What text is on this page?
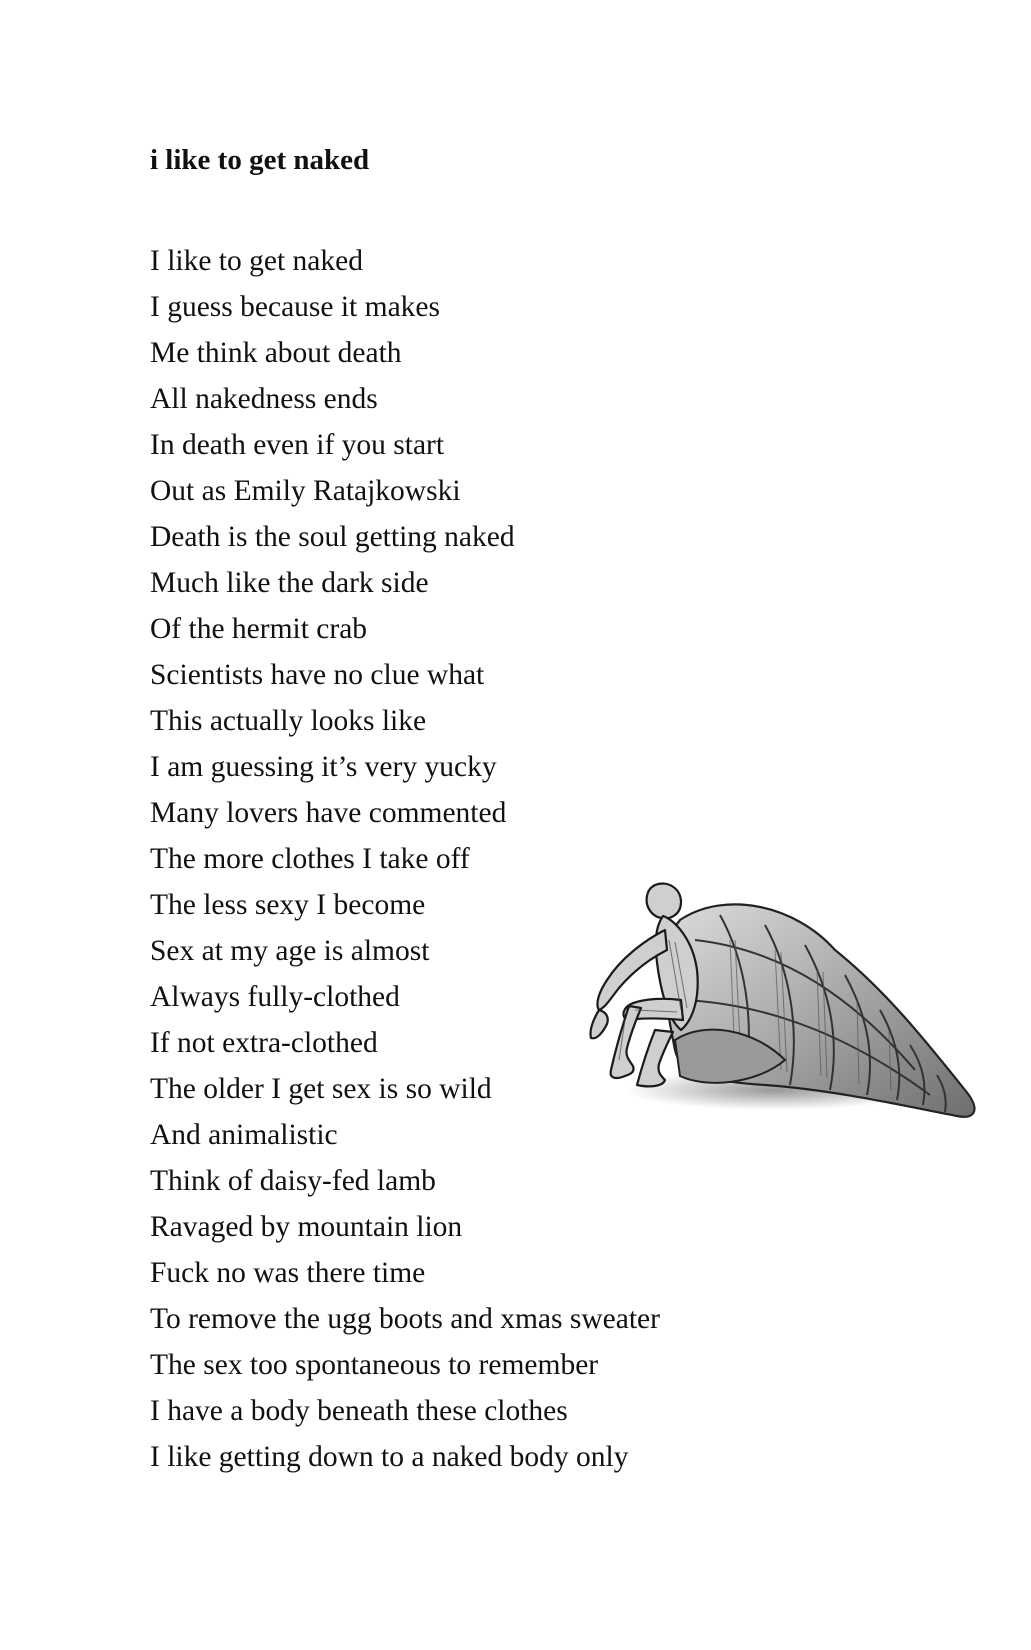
i like to get naked
I like to get naked
I guess because it makes
Me think about death
All nakedness ends
In death even if you start
Out as Emily Ratajkowski
Death is the soul getting naked
Much like the dark side
Of the hermit crab
Scientists have no clue what
This actually looks like
I am guessing it’s very yucky
Many lovers have commented
The more clothes I take off
The less sexy I become
Sex at my age is almost
Always fully-clothed
If not extra-clothed
The older I get sex is so wild
And animalistic
Think of daisy-fed lamb
Ravaged by mountain lion
Fuck no was there time
To remove the ugg boots and xmas sweater
The sex too spontaneous to remember
I have a body beneath these clothes
I like getting down to a naked body only
